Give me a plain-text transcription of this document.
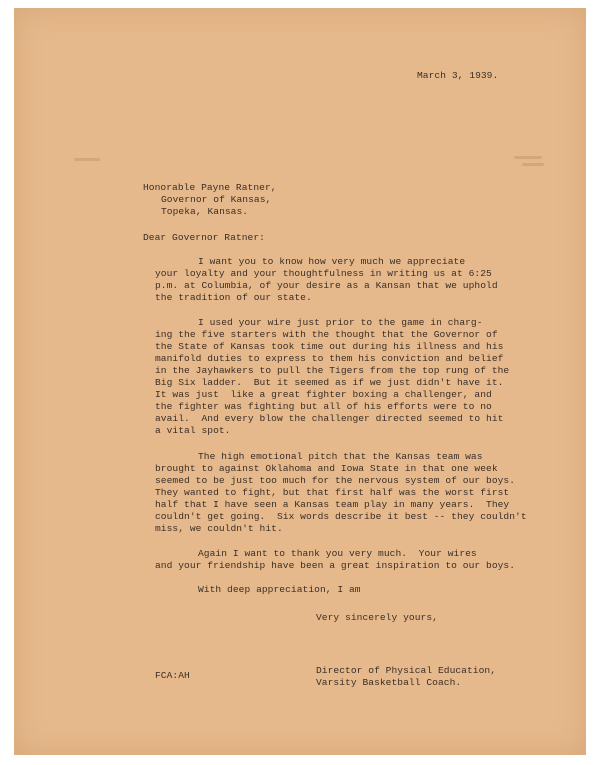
March 3, 1939.
Honorable Payne Ratner,
Governor of Kansas,
Topeka, Kansas.
Dear Governor Ratner:
I want you to know how very much we appreciate
your loyalty and your thoughtfulness in writing us at 6:25
p.m. at Columbia, of your desire as a Kansan that we uphold
the tradition of our state.
I used your wire just prior to the game in charg-
ing the five starters with the thought that the Governor of
the State of Kansas took time out during his illness and his
manifold duties to express to them his conviction and belief
in the Jayhawkers to pull the Tigers from the top rung of the
Big Six ladder.  But it seemed as if we just didn't have it.
It was just  like a great fighter boxing a challenger, and
the fighter was fighting but all of his efforts were to no
avail.  And every blow the challenger directed seemed to hit
a vital spot.
The high emotional pitch that the Kansas team was
brought to against Oklahoma and Iowa State in that one week
seemed to be just too much for the nervous system of our boys.
They wanted to fight, but that first half was the worst first
half that I have seen a Kansas team play in many years.  They
couldn't get going.  Six words describe it best -- they couldn't
miss, we couldn't hit.
Again I want to thank you very much.  Your wires
and your friendship have been a great inspiration to our boys.
With deep appreciation, I am
Very sincerely yours,
Director of Physical Education,
Varsity Basketball Coach.
FCA:AH
